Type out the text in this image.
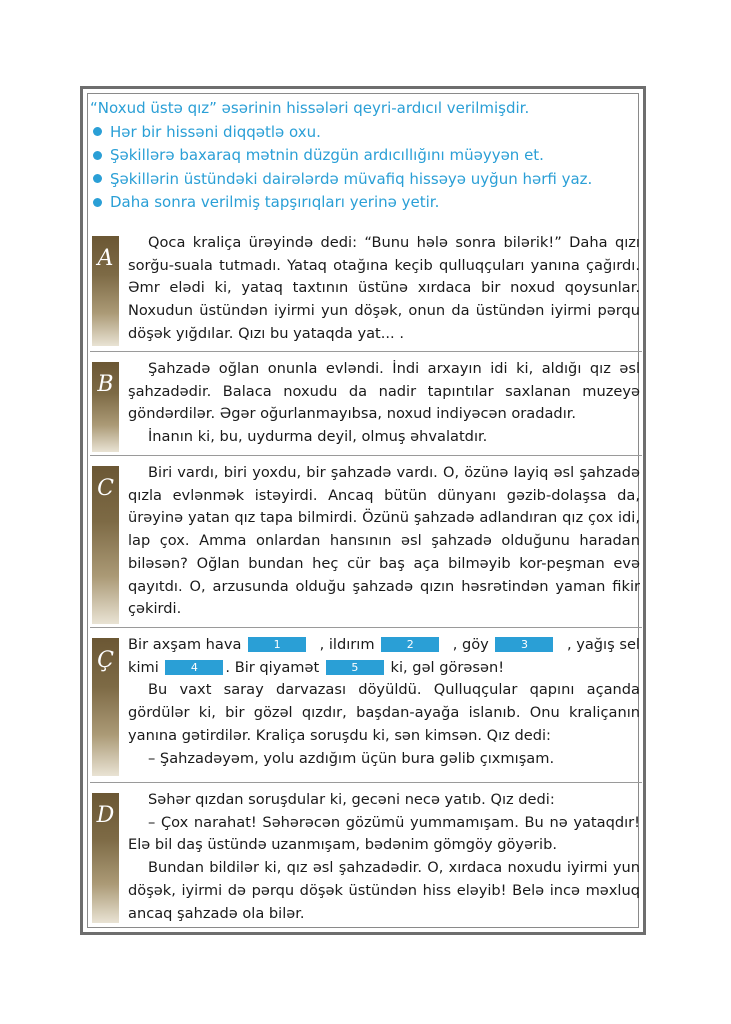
“Noxud üstə qız” əsərinin hissələri qeyri-ardıcıl verilmişdir.
Hər bir hissəni diqqətlə oxu.
Şəkillərə baxaraq mətnin düzgün ardıcıllığını müəyyən et.
Şəkillərin üstündəki dairələrdə müvafiq hissəyə uyğun hərfi yaz.
Daha sonra verilmiş tapşırıqları yerinə yetir.
A

Qoca kraliça ürəyində dedi: “Bunu hələ sonra bilərik!” Daha qızı sorğu-suala tutmadı. Yataq otağına keçib qulluqçuları yanına çağırdı. Əmr elədi ki, yataq taxtının üstünə xırdaca bir noxud qoysunlar. Noxudun üstündən iyirmi yun döşək, onun da üstündən iyirmi pərqu döşək yığdılar. Qızı bu yataqda yat... .

B

Şahzadə oğlan onunla evləndi. İndi arxayın idi ki, aldığı qız əsl şahzadədir. Balaca noxudu da nadir tapıntılar saxlanan muzeyə göndərdilər. Əgər oğurlanmayıbsa, noxud indiyəcən oradadır.

İnanın ki, bu, uydurma deyil, olmuş əhvalatdır.

C

Biri vardı, biri yoxdu, bir şahzadə vardı. O, özünə layiq əsl şahzadə qızla evlənmək istəyirdi. Ancaq bütün dünyanı gəzib-dolaşsa da, ürəyinə yatan qız tapa bilmirdi. Özünü şahzadə adlandıran qız çox idi, lap çox. Amma onlardan hansının əsl şahzadə olduğunu haradan biləsən? Oğlan bundan heç cür baş aça bilməyib kor-peşman evə qayıtdı. O, arzusunda olduğu şahzadə qızın həsrətindən yaman fikir çəkirdi.

Ç
Bir axşam hava	1	, ildırım	2	, göy	3	, yağış sel
kimi	4 . Bir qiyamət	5 ki, gəl görəsən!

Bu vaxt saray darvazası döyüldü. Qulluqçular qapını açanda gördülər ki, bir gözəl qızdır, başdan-ayağa islanıb. Onu kraliçanın yanına gətirdilər. Kraliça soruşdu ki, sən kimsən. Qız dedi:

– Şahzadəyəm, yolu azdığım üçün bura gəlib çıxmışam.

D

Səhər qızdan soruşdular ki, gecəni necə yatıb. Qız dedi:

– Çox narahat! Səhərəcən gözümü yummamışam. Bu nə yataqdır! Elə bil daş üstündə uzanmışam, bədənim gömgöy göyərib.

Bundan bildilər ki, qız əsl şahzadədir. O, xırdaca noxudu iyirmi yun döşək, iyirmi də pərqu döşək üstündən hiss eləyib! Belə incə məxluq ancaq şahzadə ola bilər.
